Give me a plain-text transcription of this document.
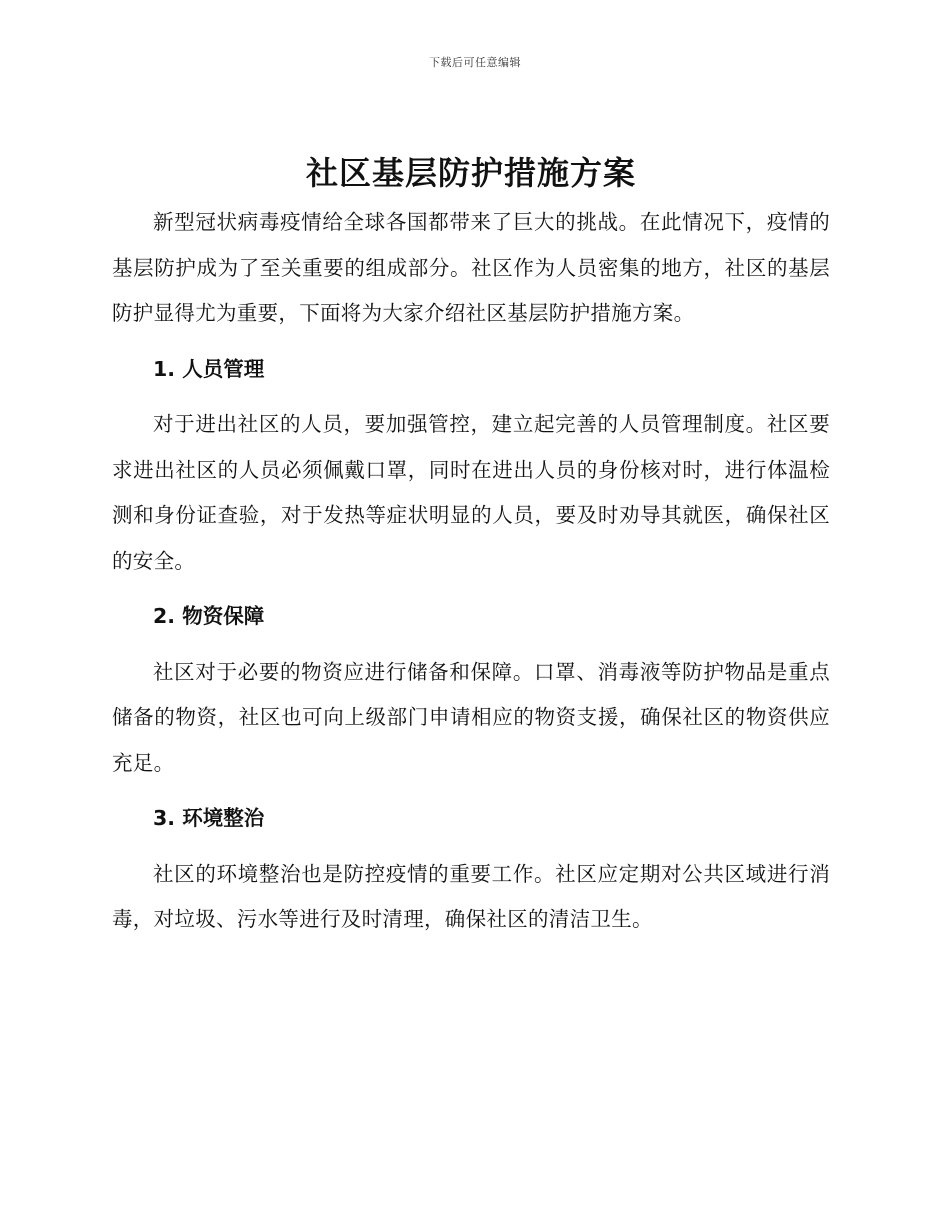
下载后可任意编辑
社区基层防护措施方案

新型冠状病毒疫情给全球各国都带来了巨大的挑战。在此情况下，疫情的基层防护成为了至关重要的组成部分。社区作为人员密集的地方，社区的基层防护显得尤为重要，下面将为大家介绍社区基层防护措施方案。

1. 人员管理

对于进出社区的人员，要加强管控，建立起完善的人员管理制度。社区要求进出社区的人员必须佩戴口罩，同时在进出人员的身份核对时，进行体温检测和身份证查验，对于发热等症状明显的人员，要及时劝导其就医，确保社区的安全。

2. 物资保障

社区对于必要的物资应进行储备和保障。口罩、消毒液等防护物品是重点储备的物资，社区也可向上级部门申请相应的物资支援，确保社区的物资供应充足。

3. 环境整治

社区的环境整治也是防控疫情的重要工作。社区应定期对公共区域进行消毒，对垃圾、污水等进行及时清理，确保社区的清洁卫生。
